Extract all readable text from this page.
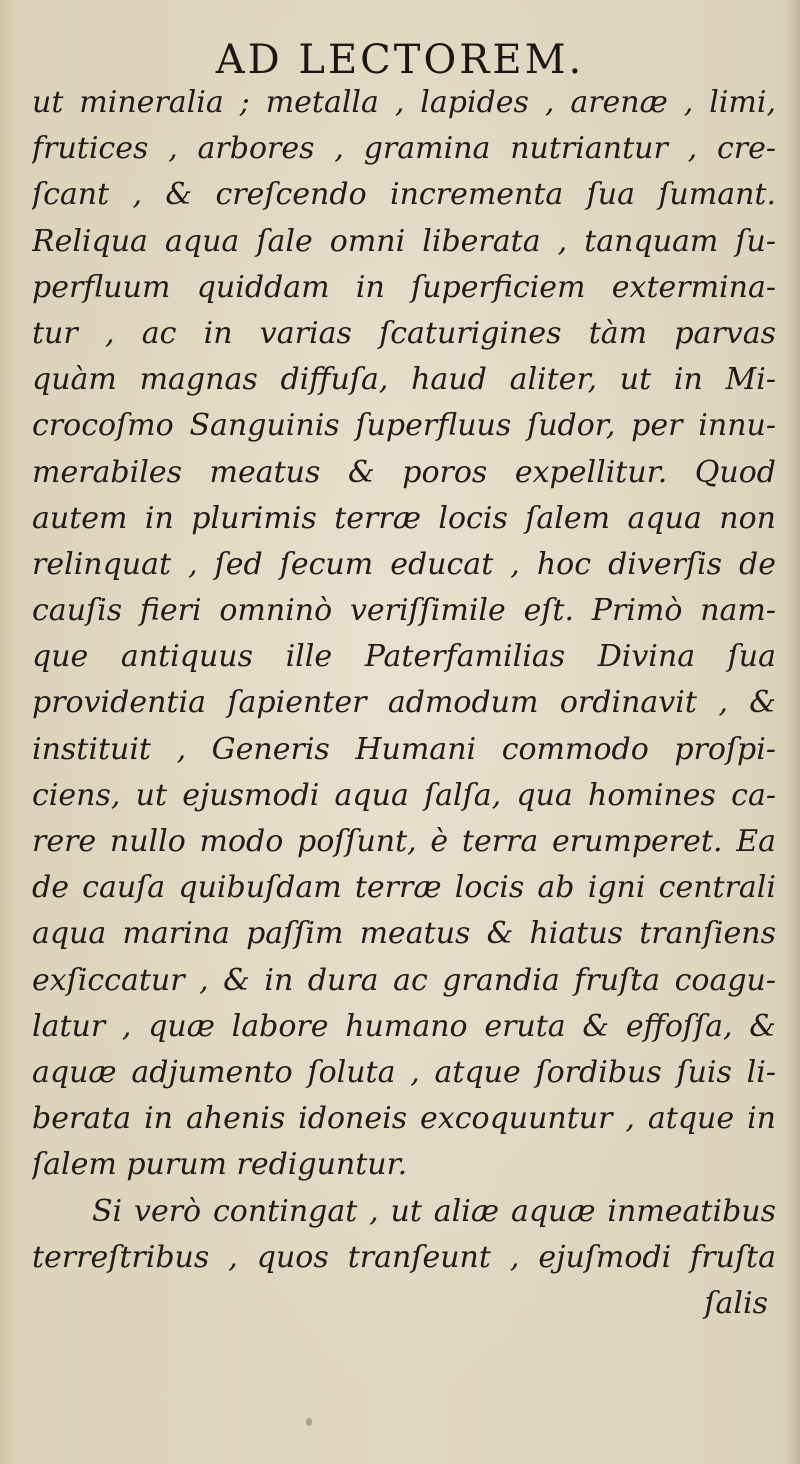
AD LECTOREM.
ut mineralia ; metalla , lapides , arenæ , limi,
frutices , arbores , gramina nutriantur , cre-
ſcant , & creſcendo incrementa ſua ſumant.
Reliqua aqua ſale omni liberata , tanquam ſu-
perfluum quiddam in ſuperficiem extermina-
tur , ac in varias ſcaturigines tàm parvas
quàm magnas diffuſa, haud aliter, ut in Mi-
crocoſmo Sanguinis ſuperfluus ſudor, per innu-
merabiles meatus & poros expellitur. Quod
autem in plurimis terræ locis ſalem aqua non
relinquat , ſed ſecum educat , hoc diverſis de
cauſis fieri omninò veriſſimile eſt. Primò nam-
que antiquus ille Paterfamilias Divina ſua
providentia ſapienter admodum ordinavit , &
instituit , Generis Humani commodo proſpi-
ciens, ut ejusmodi aqua ſalſa, qua homines ca-
rere nullo modo poſſunt, è terra erumperet. Ea
de cauſa quibuſdam terræ locis ab igni centrali
aqua marina paſſim meatus & hiatus tranſiens
exſiccatur , & in dura ac grandia fruſta coagu-
latur , quæ labore humano eruta & effoſſa, &
aquæ adjumento ſoluta , atque ſordibus ſuis li-
berata in ahenis idoneis excoquuntur , atque in
ſalem purum rediguntur.
Si verò contingat , ut aliæ aquæ inmeatibus
terreſtribus , quos tranſeunt , ejuſmodi fruſta
ſalis
